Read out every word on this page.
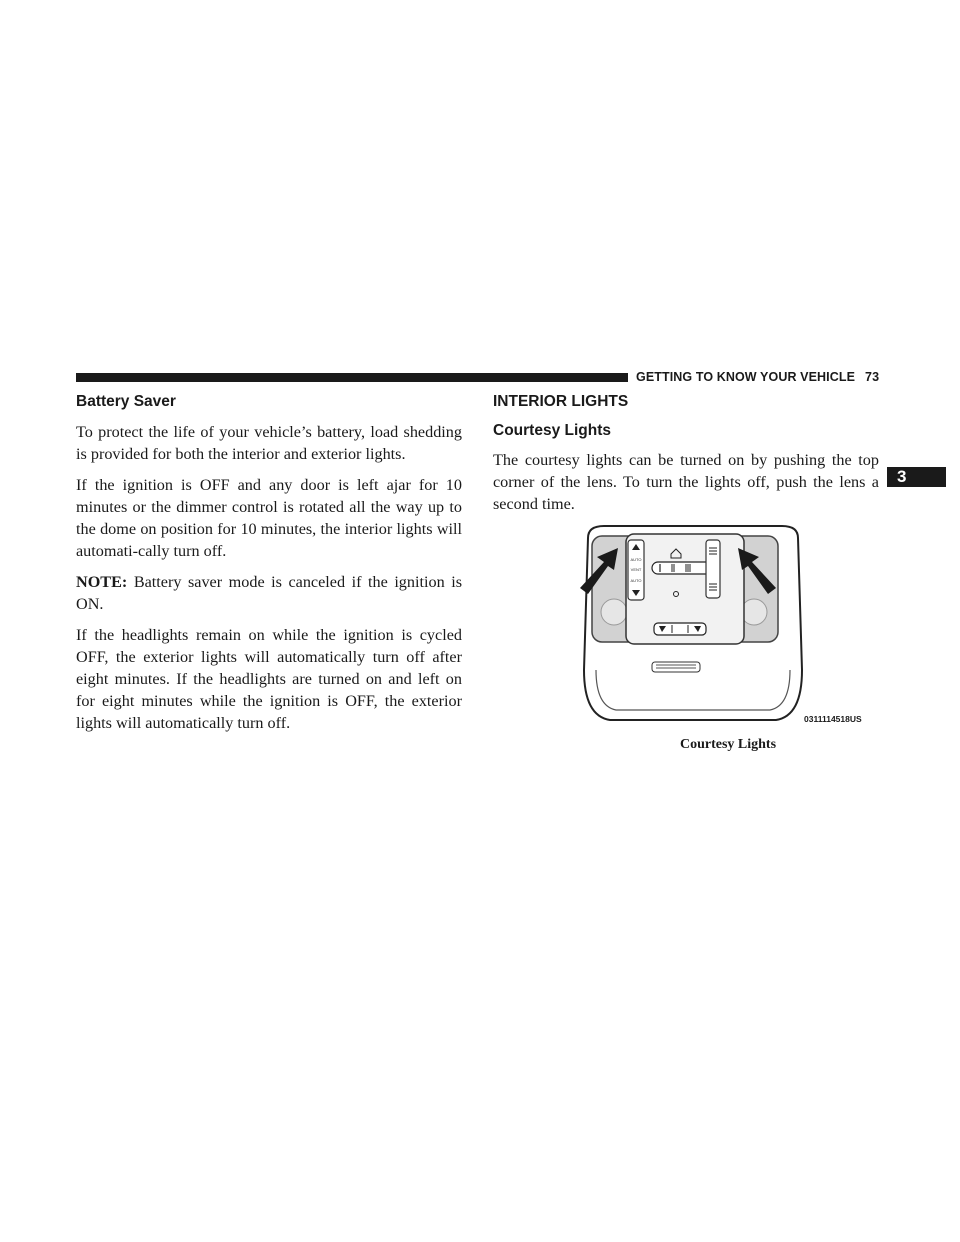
GETTING TO KNOW YOUR VEHICLE 73
3
Battery Saver

To protect the life of your vehicle’s battery, load shedding is provided for both the interior and exterior lights.

If the ignition is OFF and any door is left ajar for 10 minutes or the dimmer control is rotated all the way up to the dome on position for 10 minutes, the interior lights will automati-cally turn off.

NOTE: Battery saver mode is canceled if the ignition is ON.

If the headlights remain on while the ignition is cycled OFF, the exterior lights will automatically turn off after eight minutes. If the headlights are turned on and left on for eight minutes while the ignition is OFF, the exterior lights will automatically turn off.

INTERIOR LIGHTS
Courtesy Lights

The courtesy lights can be turned on by pushing the top corner of the lens. To turn the lights off, push the lens a second time.

AUTO
VENT
AUTO
0311114518US
Courtesy Lights
